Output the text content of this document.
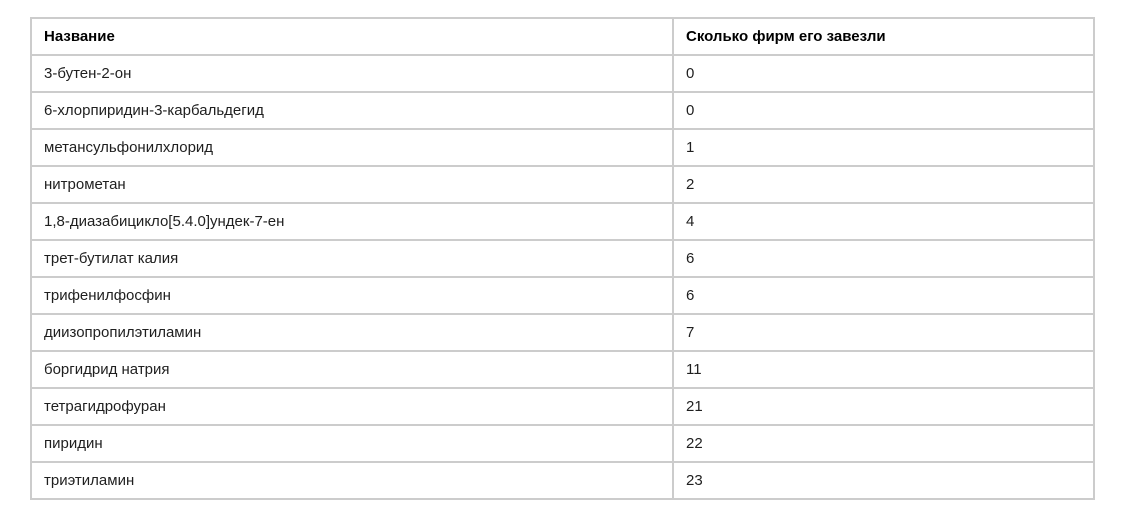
Название	Сколько фирм его завезли
3-бутен-2-он	0
6-хлорпиридин-3-карбальдегид	0
метансульфонилхлорид	1
нитрометан	2
1,8-диазабицикло[5.4.0]ундек-7-ен	4
трет-бутилат калия	6
трифенилфосфин	6
диизопропилэтиламин	7
боргидрид натрия	11
тетрагидрофуран	21
пиридин	22
триэтиламин	23
